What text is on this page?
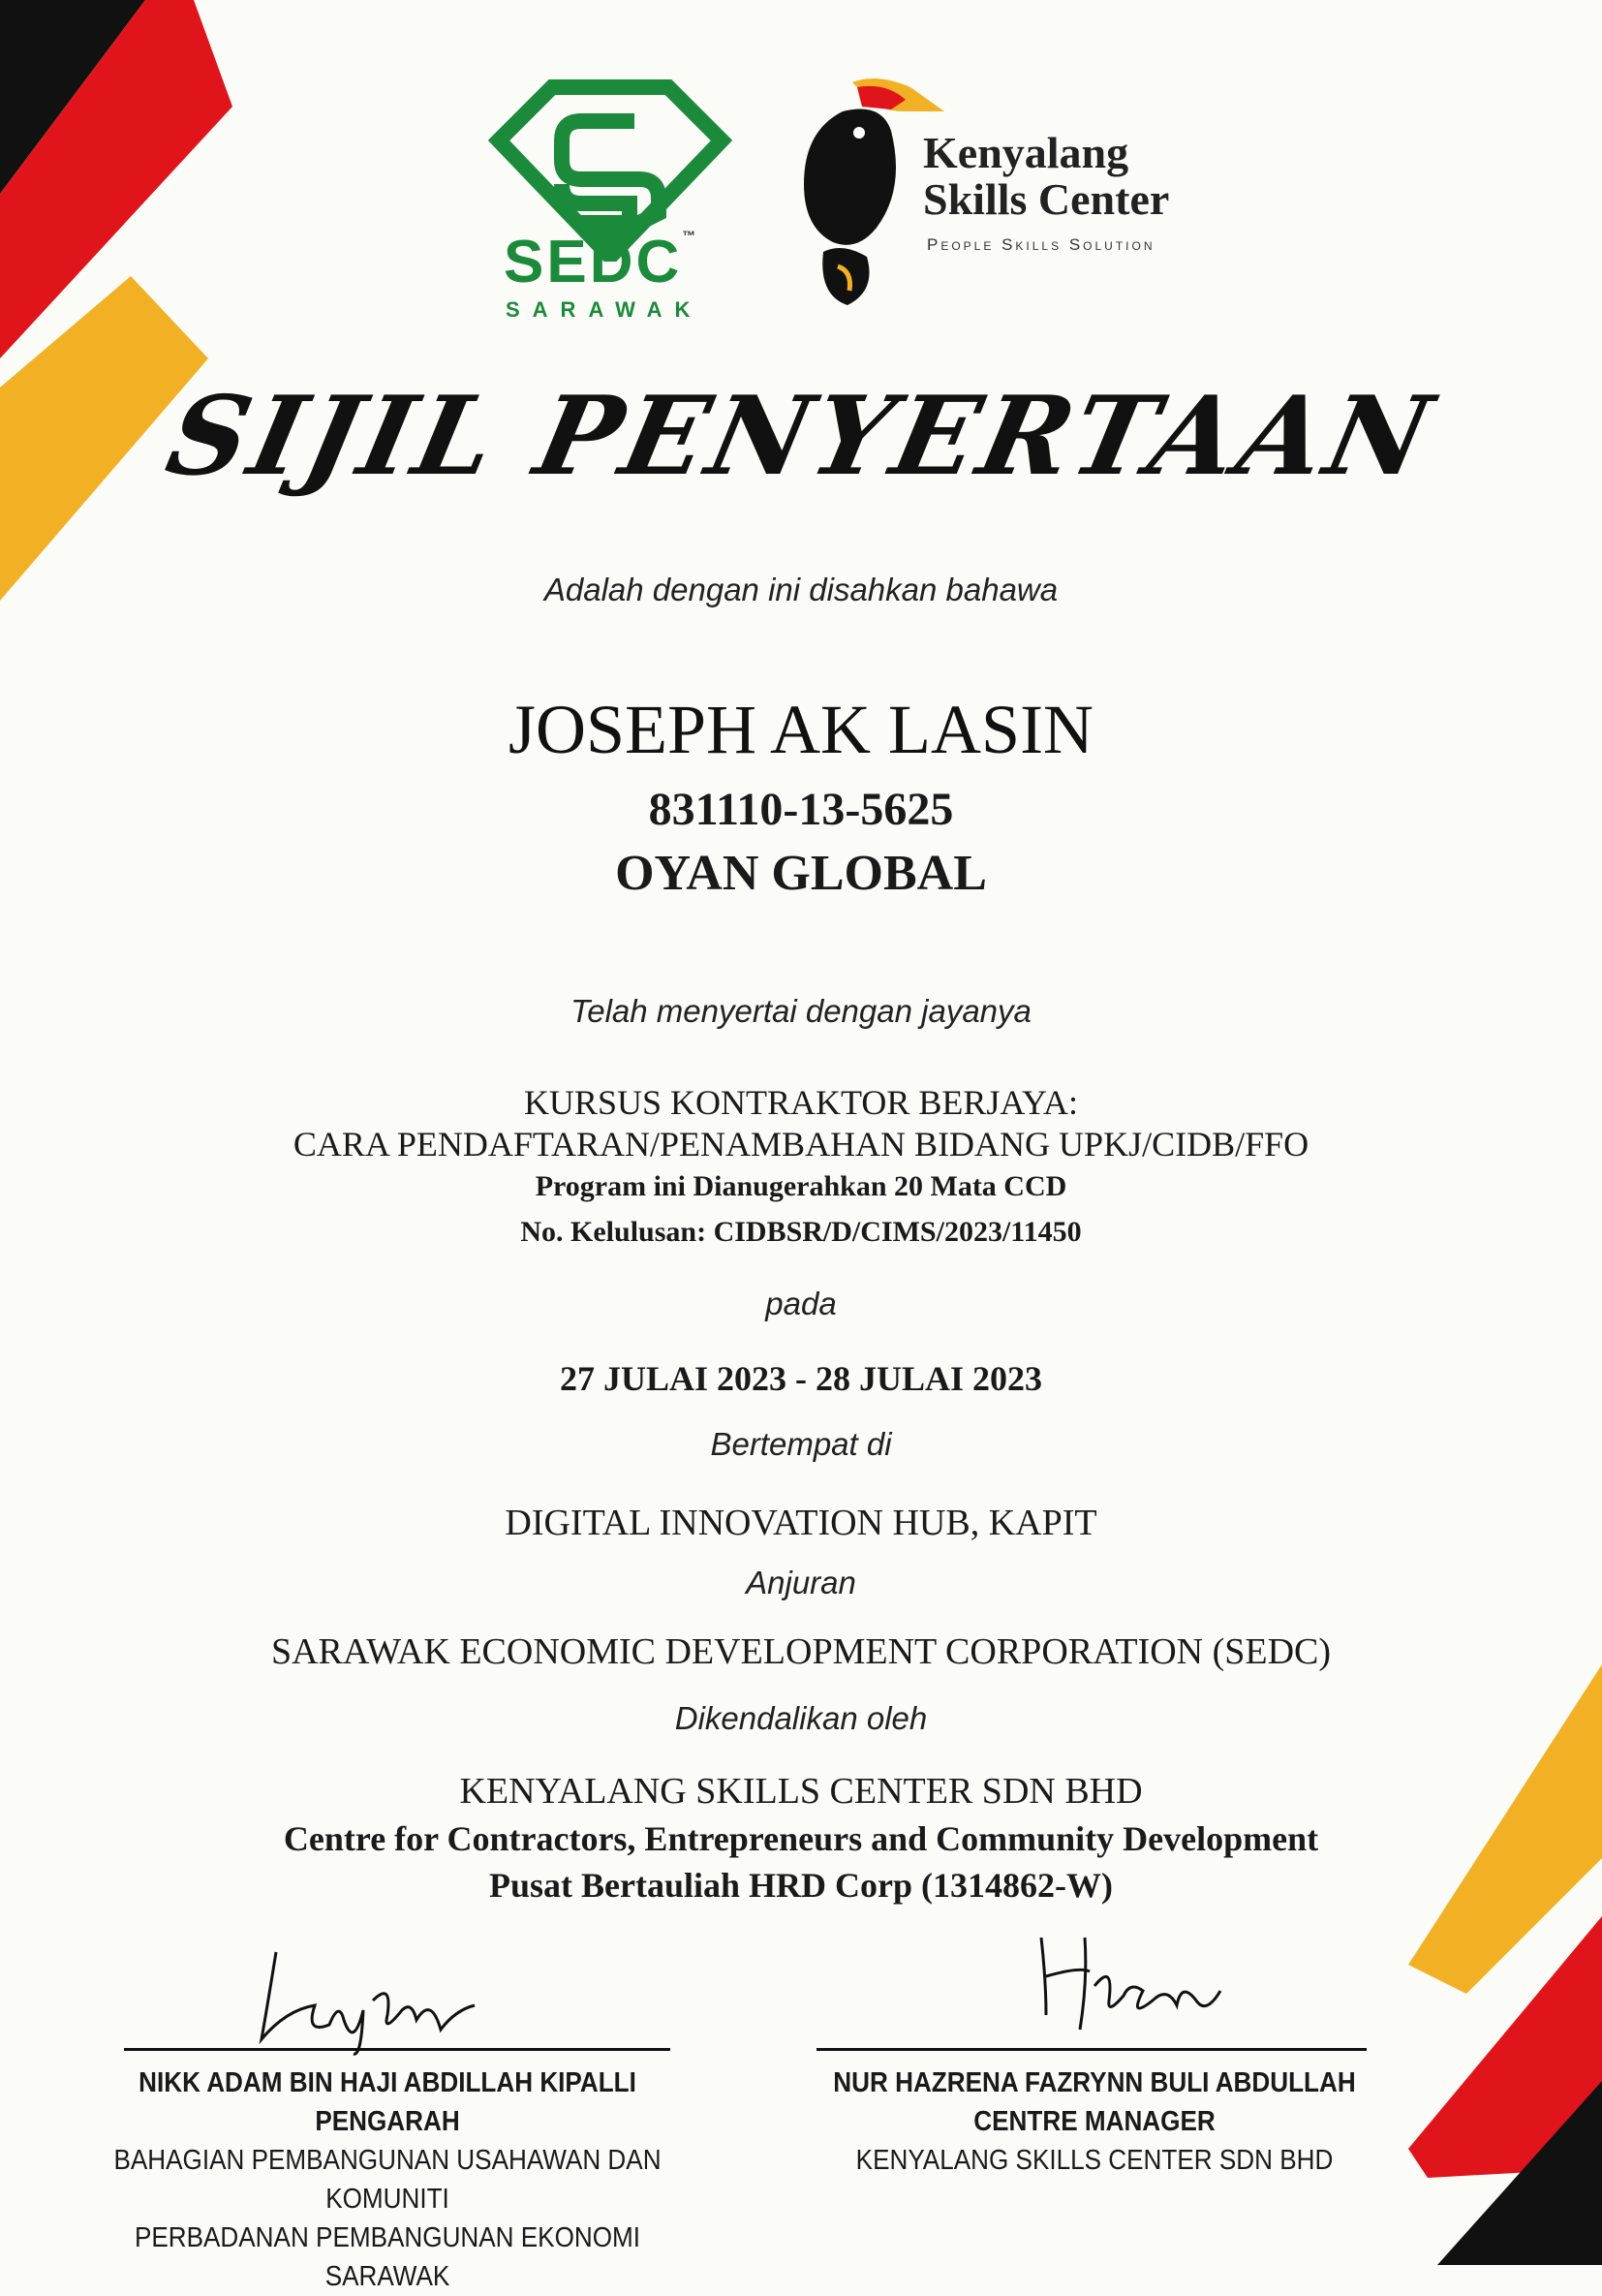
SEDC™
SARAWAK
Kenyalang
Skills Center
People Skills Solution
SIJIL PENYERTAAN
Adalah dengan ini disahkan bahawa
JOSEPH AK LASIN
831110-13-5625
OYAN GLOBAL
Telah menyertai dengan jayanya
KURSUS KONTRAKTOR BERJAYA:
CARA PENDAFTARAN/PENAMBAHAN BIDANG UPKJ/CIDB/FFO
Program ini Dianugerahkan 20 Mata CCD
No. Kelulusan: CIDBSR/D/CIMS/2023/11450
pada
27 JULAI 2023 - 28 JULAI 2023
Bertempat di
DIGITAL INNOVATION HUB, KAPIT
Anjuran
SARAWAK ECONOMIC DEVELOPMENT CORPORATION (SEDC)
Dikendalikan oleh
KENYALANG SKILLS CENTER SDN BHD
Centre for Contractors, Entrepreneurs and Community Development
Pusat Bertauliah HRD Corp (1314862-W)
NIKK ADAM BIN HAJI ABDILLAH KIPALLI
PENGARAH
BAHAGIAN PEMBANGUNAN USAHAWAN DAN KOMUNITI
PERBADANAN PEMBANGUNAN EKONOMI SARAWAK
NUR HAZRENA FAZRYNN BULI ABDULLAH
CENTRE MANAGER
KENYALANG SKILLS CENTER SDN BHD
